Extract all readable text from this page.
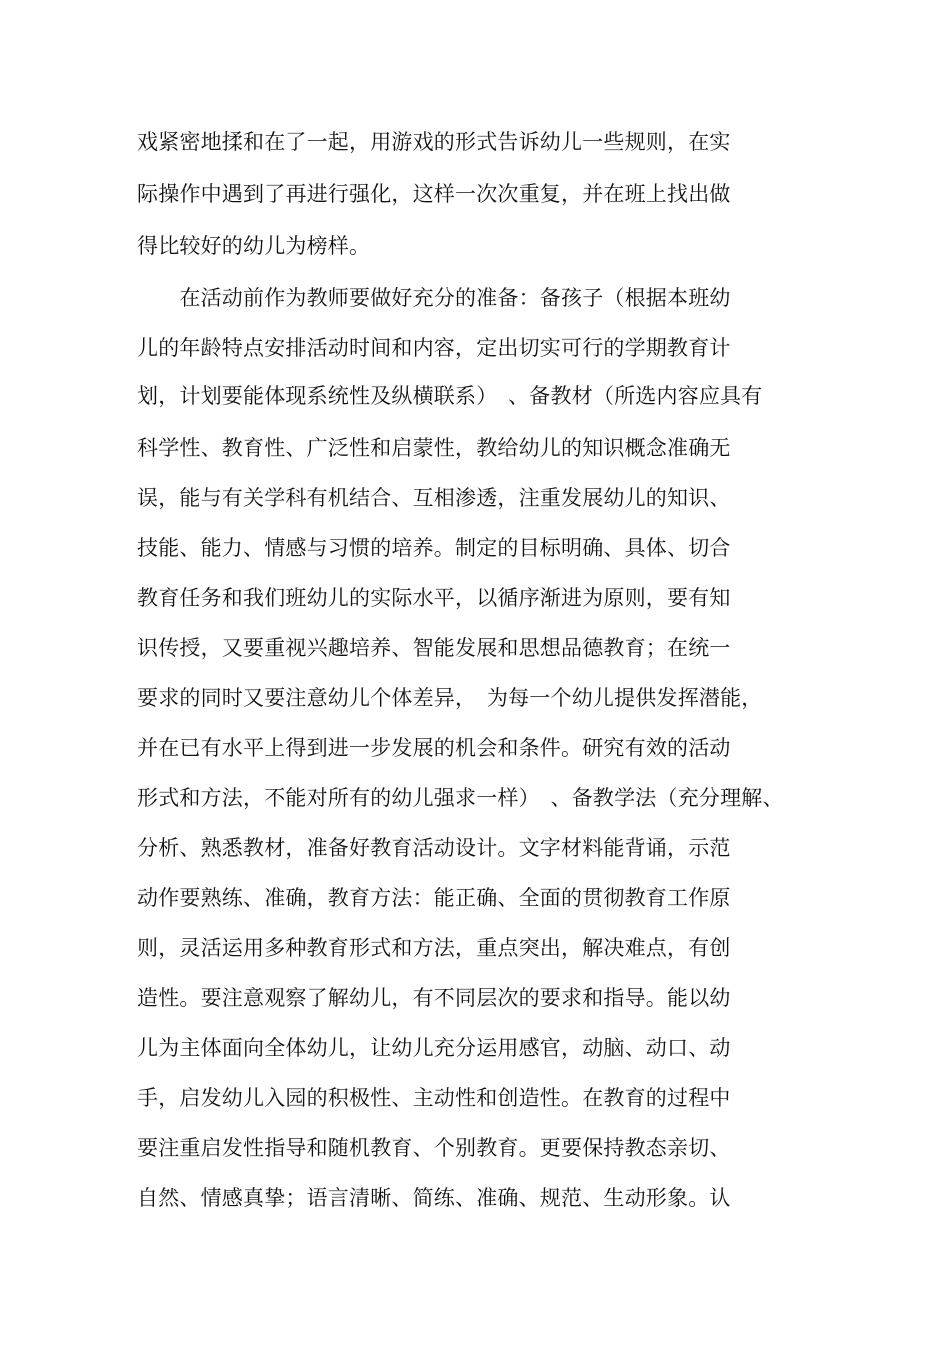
戏紧密地揉和在了一起，用游戏的形式告诉幼儿一些规则，在实
际操作中遇到了再进行强化，这样一次次重复，并在班上找出做
得比较好的幼儿为榜样。
　　在活动前作为教师要做好充分的准备：备孩子（根据本班幼
儿的年龄特点安排活动时间和内容，定出切实可行的学期教育计
划，计划要能体现系统性及纵横联系）　、备教材（所选内容应具有
科学性、教育性、广泛性和启蒙性，教给幼儿的知识概念准确无
误，能与有关学科有机结合、互相渗透，注重发展幼儿的知识、
技能、能力、情感与习惯的培养。制定的目标明确、具体、切合
教育任务和我们班幼儿的实际水平，以循序渐进为原则，要有知
识传授，又要重视兴趣培养、智能发展和思想品德教育；在统一
要求的同时又要注意幼儿个体差异，　为每一个幼儿提供发挥潜能，
并在已有水平上得到进一步发展的机会和条件。研究有效的活动
形式和方法，不能对所有的幼儿强求一样）　、备教学法（充分理解、
分析、熟悉教材，准备好教育活动设计。文字材料能背诵，示范
动作要熟练、准确，教育方法：能正确、全面的贯彻教育工作原
则，灵活运用多种教育形式和方法，重点突出，解决难点，有创
造性。要注意观察了解幼儿，有不同层次的要求和指导。能以幼
儿为主体面向全体幼儿，让幼儿充分运用感官，动脑、动口、动
手，启发幼儿入园的积极性、主动性和创造性。在教育的过程中
要注重启发性指导和随机教育、个别教育。更要保持教态亲切、
自然、情感真挚；语言清晰、简练、准确、规范、生动形象。认
